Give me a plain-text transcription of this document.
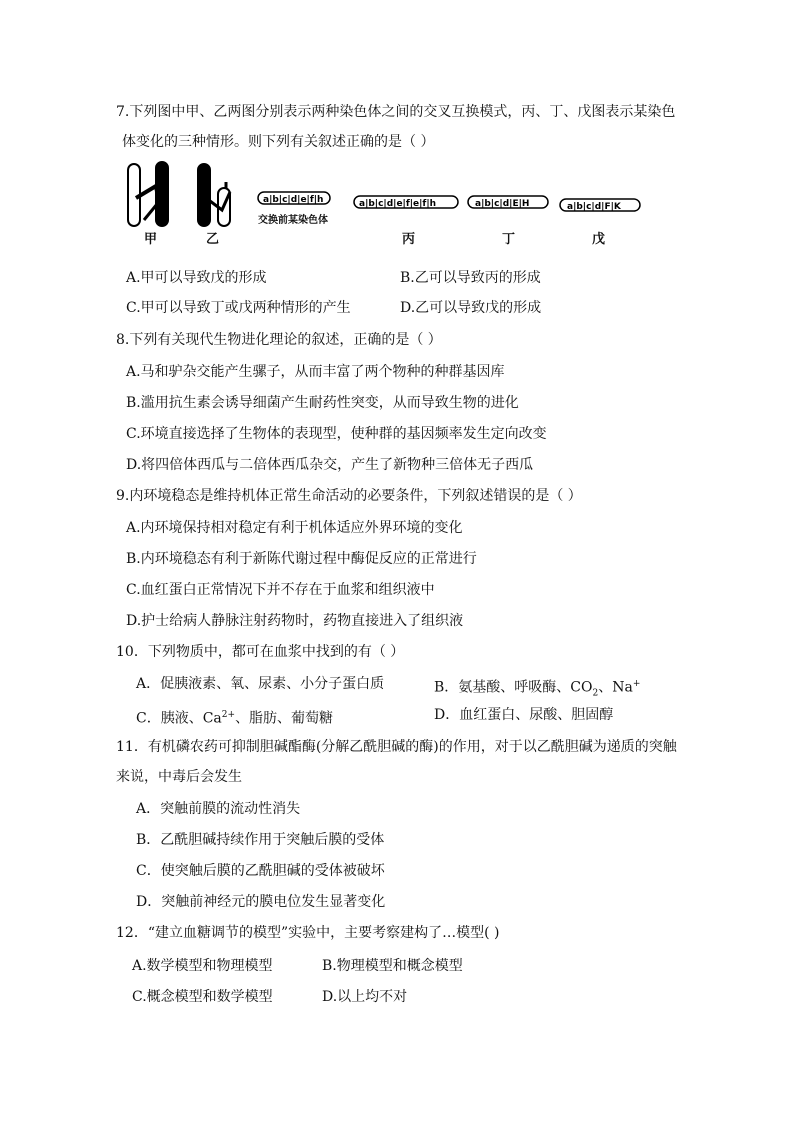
7.下列图中甲、乙两图分别表示两种染色体之间的交叉互换模式，丙、丁、戊图表示某染色
体变化的三种情形。则下列有关叙述正确的是（ ）
a|b|c|d|e|f|h	a|b|c|d|e|f|e|f|h	a|b|c|d|E|H	a|b|c|d|F|K
交换前某染色体
甲	乙	丙	丁	戊
A.甲可以导致戊的形成	B.乙可以导致丙的形成
C.甲可以导致丁或戊两种情形的产生	D.乙可以导致戊的形成
8.下列有关现代生物进化理论的叙述，正确的是（ ）
A.马和驴杂交能产生骡子，从而丰富了两个物种的种群基因库
B.滥用抗生素会诱导细菌产生耐药性突变，从而导致生物的进化
C.环境直接选择了生物体的表现型，使种群的基因频率发生定向改变
D.将四倍体西瓜与二倍体西瓜杂交，产生了新物种三倍体无子西瓜
9.内环境稳态是维持机体正常生命活动的必要条件，下列叙述错误的是（ ）
A.内环境保持相对稳定有利于机体适应外界环境的变化
B.内环境稳态有利于新陈代谢过程中酶促反应的正常进行
C.血红蛋白正常情况下并不存在于血浆和组织液中
D.护士给病人静脉注射药物时，药物直接进入了组织液
10．下列物质中，都可在血浆中找到的有（ ）
A．促胰液素、氧、尿素、小分子蛋白质	B．氨基酸、呼吸酶、$CO_2$、Na+
C．胰液、$Ca^{2+}$、脂肪、葡萄糖	D．血红蛋白、尿酸、胆固醇
11．有机磷农药可抑制胆碱酯酶(分解乙酰胆碱的酶)的作用，对于以乙酰胆碱为递质的突触
来说，中毒后会发生
A．突触前膜的流动性消失
B．乙酰胆碱持续作用于突触后膜的受体
C．使突触后膜的乙酰胆碱的受体被破坏
D．突触前神经元的膜电位发生显著变化
12．“建立血糖调节的模型”实验中，主要考察建构了…模型( )
A.数学模型和物理模型	B.物理模型和概念模型
C.概念模型和数学模型	D.以上均不对
